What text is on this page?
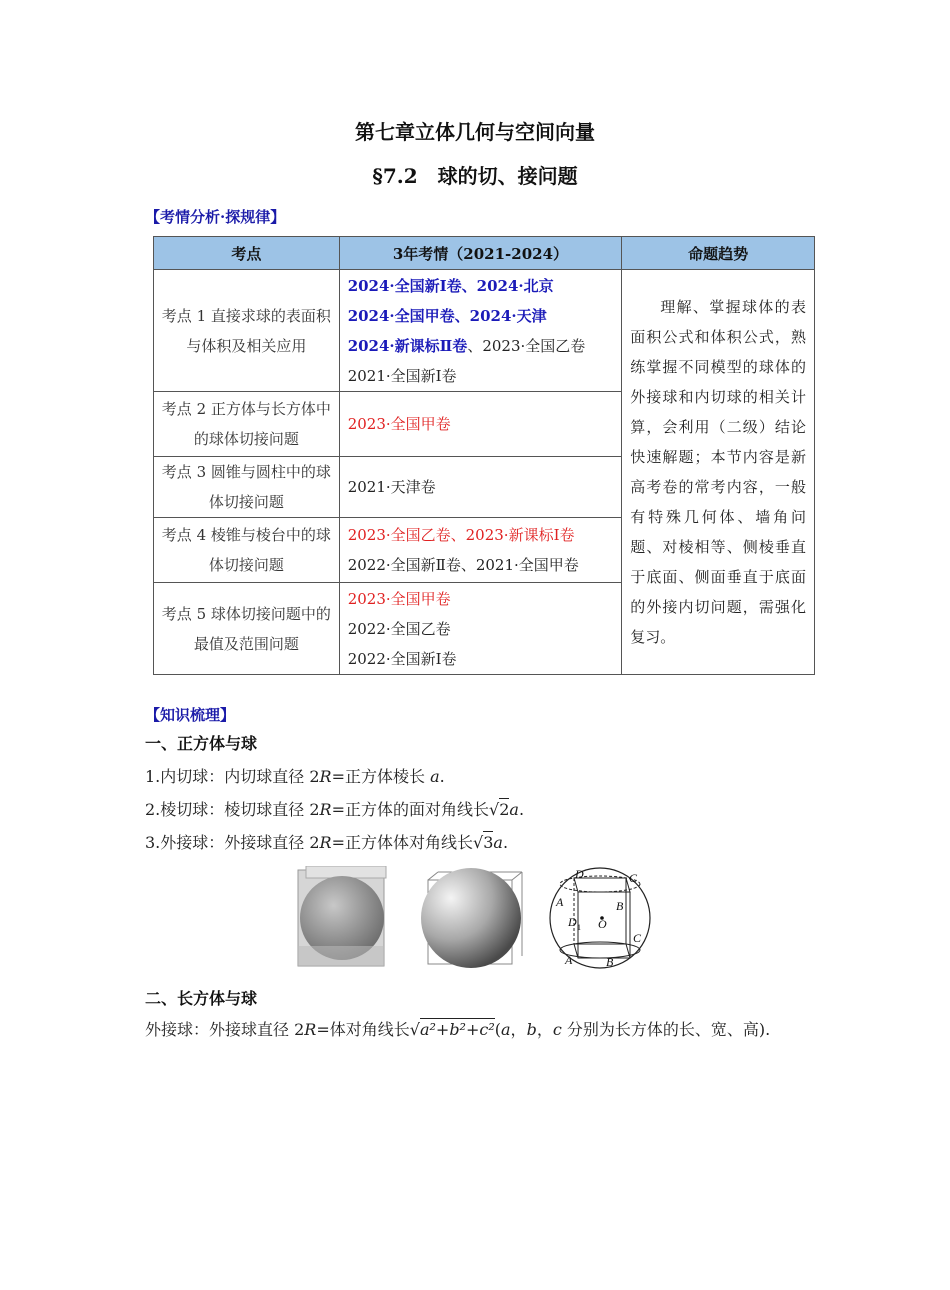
第七章立体几何与空间向量
§7.2　球的切、接问题
【考情分析·探规律】
考点	3年考情（2021-2024）	命题趋势
考点 1 直接求球的表面积与体积及相关应用	2024·全国新Ⅰ卷、2024·北京
2024·全国甲卷、2024·天津
2024·新课标Ⅱ卷、2023·全国乙卷
2021·全国新Ⅰ卷	理解、掌握球体的表面积公式和体积公式，熟练掌握不同模型的球体的外接球和内切球的相关计算，会利用（二级）结论快速解题；本节内容是新高考卷的常考内容，一般有特殊几何体、墙角问题、对棱相等、侧棱垂直于底面、侧面垂直于底面的外接内切问题，需强化复习。

考点 2 正方体与长方体中的球体切接问题	2023·全国甲卷	

考点 3 圆锥与圆柱中的球体切接问题	2021·天津卷	

考点 4 棱锥与棱台中的球体切接问题	2023·全国乙卷、2023·新课标Ⅰ卷
2022·全国新Ⅱ卷、2021·全国甲卷	

考点 5 球体切接问题中的最值及范围问题	2023·全国甲卷
2022·全国乙卷
2022·全国新Ⅰ卷	
【知识梳理】
一、正方体与球
1.内切球：内切球直径 2R=正方体棱长 a.
2.棱切球：棱切球直径 2R=正方体的面对角线长√2a.
3.外接球：外接球直径 2R=正方体体对角线长√3a.
D	C
A	B
D 1 O
C
A	B
二、长方体与球
外接球：外接球直径 2R=体对角线长√a²+b²+c²(a，b，c 分别为长方体的长、宽、高).
